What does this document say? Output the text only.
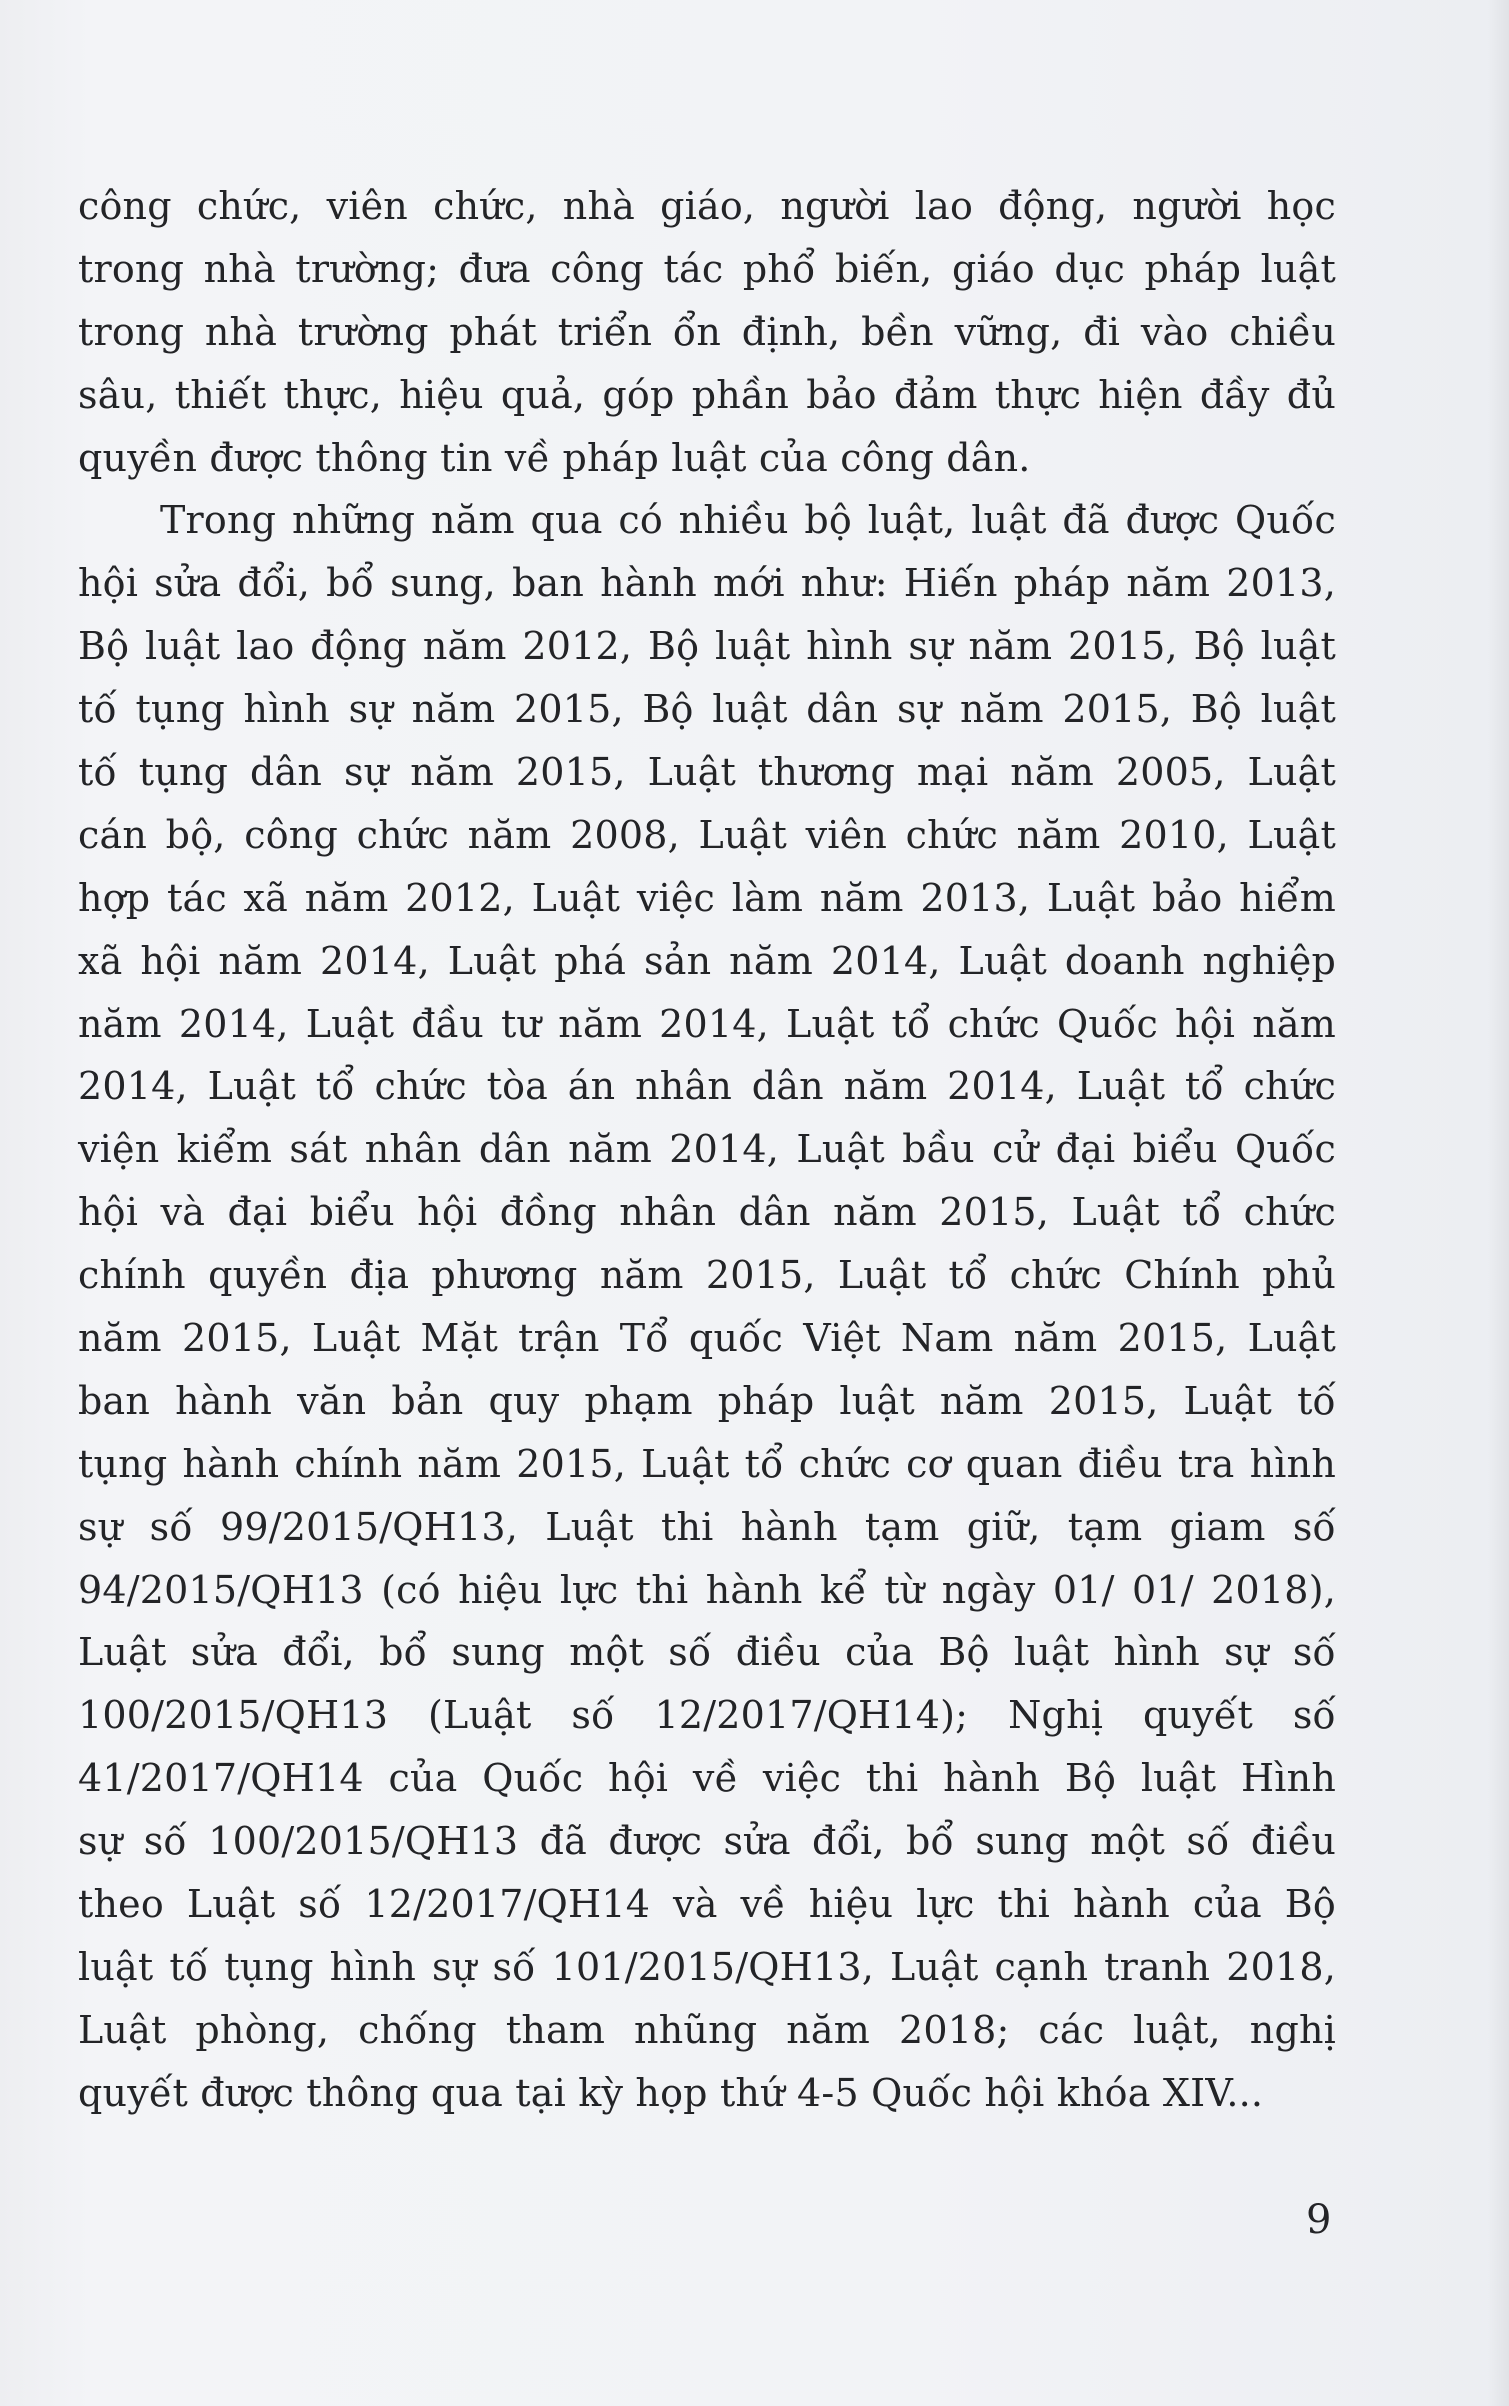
công chức, viên chức, nhà giáo, người lao động, người học
trong nhà trường; đưa công tác phổ biến, giáo dục pháp luật
trong nhà trường phát triển ổn định, bền vững, đi vào chiều
sâu, thiết thực, hiệu quả, góp phần bảo đảm thực hiện đầy đủ
quyền được thông tin về pháp luật của công dân.
Trong những năm qua có nhiều bộ luật, luật đã được Quốc
hội sửa đổi, bổ sung, ban hành mới như: Hiến pháp năm 2013,
Bộ luật lao động năm 2012, Bộ luật hình sự năm 2015, Bộ luật
tố tụng hình sự năm 2015, Bộ luật dân sự năm 2015, Bộ luật
tố tụng dân sự năm 2015, Luật thương mại năm 2005, Luật
cán bộ, công chức năm 2008, Luật viên chức năm 2010, Luật
hợp tác xã năm 2012, Luật việc làm năm 2013, Luật bảo hiểm
xã hội năm 2014, Luật phá sản năm 2014, Luật doanh nghiệp
năm 2014, Luật đầu tư năm 2014, Luật tổ chức Quốc hội năm
2014, Luật tổ chức tòa án nhân dân năm 2014, Luật tổ chức
viện kiểm sát nhân dân năm 2014, Luật bầu cử đại biểu Quốc
hội và đại biểu hội đồng nhân dân năm 2015, Luật tổ chức
chính quyền địa phương năm 2015, Luật tổ chức Chính phủ
năm 2015, Luật Mặt trận Tổ quốc Việt Nam năm 2015, Luật
ban hành văn bản quy phạm pháp luật năm 2015, Luật tố
tụng hành chính năm 2015, Luật tổ chức cơ quan điều tra hình
sự số 99/2015/QH13, Luật thi hành tạm giữ, tạm giam số
94/2015/QH13 (có hiệu lực thi hành kể từ ngày 01/ 01/ 2018),
Luật sửa đổi, bổ sung một số điều của Bộ luật hình sự số
100/2015/QH13 (Luật số 12/2017/QH14); Nghị quyết số
41/2017/QH14 của Quốc hội về việc thi hành Bộ luật Hình
sự số 100/2015/QH13 đã được sửa đổi, bổ sung một số điều
theo Luật số 12/2017/QH14 và về hiệu lực thi hành của Bộ
luật tố tụng hình sự số 101/2015/QH13, Luật cạnh tranh 2018,
Luật phòng, chống tham nhũng năm 2018; các luật, nghị
quyết được thông qua tại kỳ họp thứ 4-5 Quốc hội khóa XIV...
9
